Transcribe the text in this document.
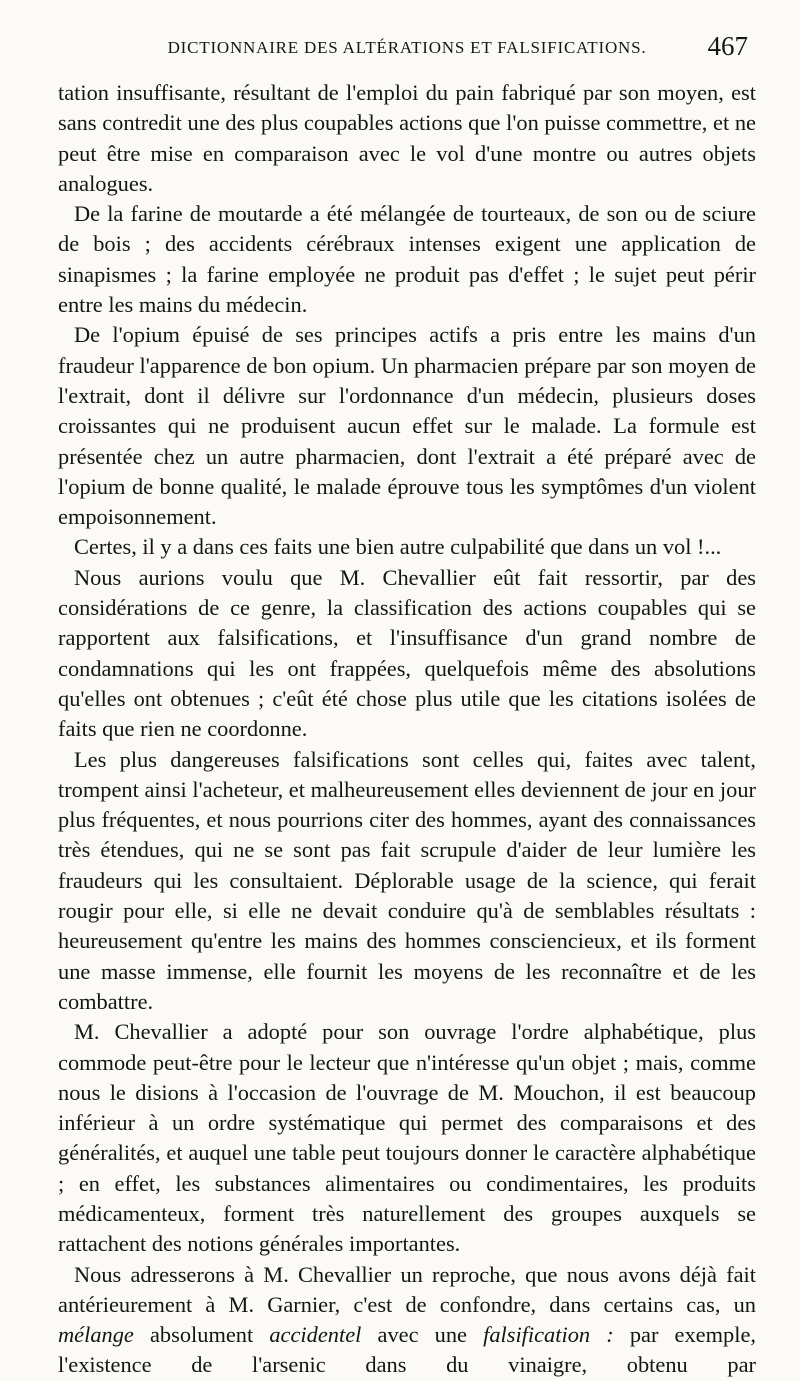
DICTIONNAIRE DES ALTÉRATIONS ET FALSIFICATIONS. 467

tation insuffisante, résultant de l'emploi du pain fabriqué par son moyen, est sans contredit une des plus coupables actions que l'on puisse commettre, et ne peut être mise en comparaison avec le vol d'une montre ou autres objets analogues.

De la farine de moutarde a été mélangée de tourteaux, de son ou de sciure de bois ; des accidents cérébraux intenses exigent une application de sinapismes ; la farine employée ne produit pas d'effet ; le sujet peut périr entre les mains du médecin.

De l'opium épuisé de ses principes actifs a pris entre les mains d'un fraudeur l'apparence de bon opium. Un pharmacien prépare par son moyen de l'extrait, dont il délivre sur l'ordonnance d'un médecin, plusieurs doses croissantes qui ne produisent aucun effet sur le malade. La formule est présentée chez un autre pharmacien, dont l'extrait a été préparé avec de l'opium de bonne qualité, le malade éprouve tous les symptômes d'un violent empoisonnement.

Certes, il y a dans ces faits une bien autre culpabilité que dans un vol !...

Nous aurions voulu que M. Chevallier eût fait ressortir, par des considérations de ce genre, la classification des actions coupables qui se rapportent aux falsifications, et l'insuffisance d'un grand nombre de condamnations qui les ont frappées, quelquefois même des absolutions qu'elles ont obtenues ; c'eût été chose plus utile que les citations isolées de faits que rien ne coordonne.

Les plus dangereuses falsifications sont celles qui, faites avec talent, trompent ainsi l'acheteur, et malheureusement elles deviennent de jour en jour plus fréquentes, et nous pourrions citer des hommes, ayant des connaissances très étendues, qui ne se sont pas fait scrupule d'aider de leur lumière les fraudeurs qui les consultaient. Déplorable usage de la science, qui ferait rougir pour elle, si elle ne devait conduire qu'à de semblables résultats : heureusement qu'entre les mains des hommes consciencieux, et ils forment une masse immense, elle fournit les moyens de les reconnaître et de les combattre.

M. Chevallier a adopté pour son ouvrage l'ordre alphabétique, plus commode peut-être pour le lecteur que n'intéresse qu'un objet ; mais, comme nous le disions à l'occasion de l'ouvrage de M. Mouchon, il est beaucoup inférieur à un ordre systématique qui permet des comparaisons et des généralités, et auquel une table peut toujours donner le caractère alphabétique ; en effet, les substances alimentaires ou condimentaires, les produits médicamenteux, forment très naturellement des groupes auxquels se rattachent des notions générales importantes.

Nous adresserons à M. Chevallier un reproche, que nous avons déjà fait antérieurement à M. Garnier, c'est de confondre, dans certains cas, un mélange absolument accidentel avec une falsification : par exemple, l'existence de l'arsenic dans du vinaigre, obtenu par
